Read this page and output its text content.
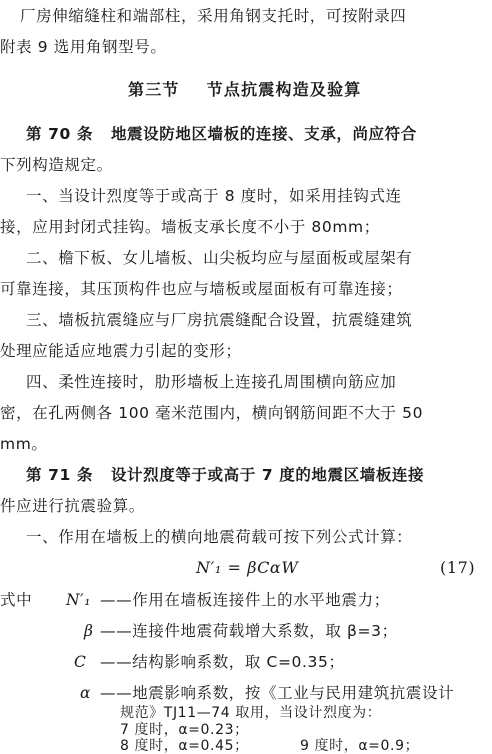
厂房伸缩缝柱和端部柱，采用角钢支托时，可按附录四
附表 9 选用角钢型号。
第三节    节点抗震构造及验算
第 70 条   地震设防地区墙板的连接、支承，尚应符合
下列构造规定。
一、当设计烈度等于或高于 8 度时，如采用挂钩式连
接，应用封闭式挂钩。墙板支承长度不小于 80mm；
二、檐下板、女儿墙板、山尖板均应与屋面板或屋架有
可靠连接，其压顶构件也应与墙板或屋面板有可靠连接；
三、墙板抗震缝应与厂房抗震缝配合设置，抗震缝建筑
处理应能适应地震力引起的变形；
四、柔性连接时，肋形墙板上连接孔周围横向筋应加
密，在孔两侧各 100 毫米范围内，横向钢筋间距不大于 50
mm。
第 71 条   设计烈度等于或高于 7 度的地震区墙板连接
件应进行抗震验算。
一、作用在墙板上的横向地震荷载可按下列公式计算：
N′₁ = βCαW	(17)
式中 N′₁ ——作用在墙板连接件上的水平地震力；
β ——连接件地震荷载增大系数，取 β=3；
C ——结构影响系数，取 C=0.35；
α ——地震影响系数，按《工业与民用建筑抗震设计
规范》TJ11—74 取用，当设计烈度为：
7 度时，α=0.23；
8 度时，α=0.45；	9 度时，α=0.9；
